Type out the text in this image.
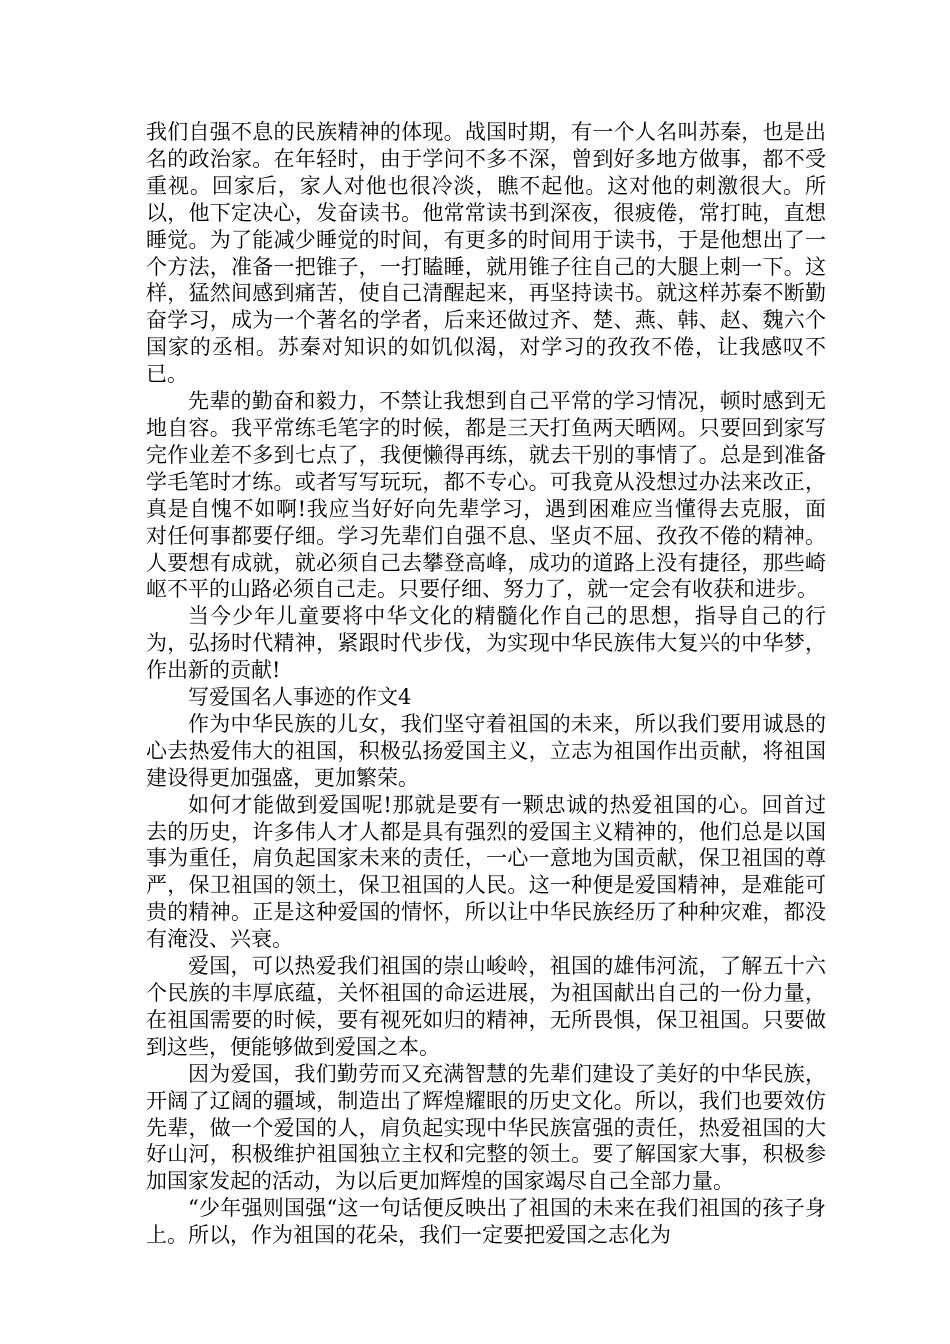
我们自强不息的民族精神的体现。战国时期，有一个人名叫苏秦，也是出名的政治家。在年轻时，由于学问不多不深，曾到好多地方做事，都不受重视。回家后，家人对他也很冷淡，瞧不起他。这对他的刺激很大。所以，他下定决心，发奋读书。他常常读书到深夜，很疲倦，常打盹，直想睡觉。为了能减少睡觉的时间，有更多的时间用于读书，于是他想出了一个方法，准备一把锥子，一打瞌睡，就用锥子往自己的大腿上刺一下。这样，猛然间感到痛苦，使自己清醒起来，再坚持读书。就这样苏秦不断勤奋学习，成为一个著名的学者，后来还做过齐、楚、燕、韩、赵、魏六个国家的丞相。苏秦对知识的如饥似渴，对学习的孜孜不倦，让我感叹不已。

先辈的勤奋和毅力，不禁让我想到自己平常的学习情况，顿时感到无地自容。我平常练毛笔字的时候，都是三天打鱼两天晒网。只要回到家写完作业差不多到七点了，我便懒得再练，就去干别的事情了。总是到准备学毛笔时才练。或者写写玩玩，都不专心。可我竟从没想过办法来改正，真是自愧不如啊!我应当好好向先辈学习，遇到困难应当懂得去克服，面对任何事都要仔细。学习先辈们自强不息、坚贞不屈、孜孜不倦的精神。人要想有成就，就必须自己去攀登高峰，成功的道路上没有捷径，那些崎岖不平的山路必须自己走。只要仔细、努力了，就一定会有收获和进步。

当今少年儿童要将中华文化的精髓化作自己的思想，指导自己的行为，弘扬时代精神，紧跟时代步伐，为实现中华民族伟大复兴的中华梦，作出新的贡献!

写爱国名人事迹的作文4

作为中华民族的儿女，我们坚守着祖国的未来，所以我们要用诚恳的心去热爱伟大的祖国，积极弘扬爱国主义，立志为祖国作出贡献，将祖国建设得更加强盛，更加繁荣。

如何才能做到爱国呢!那就是要有一颗忠诚的热爱祖国的心。回首过去的历史，许多伟人才人都是具有强烈的爱国主义精神的，他们总是以国事为重任，肩负起国家未来的责任，一心一意地为国贡献，保卫祖国的尊严，保卫祖国的领土，保卫祖国的人民。这一种便是爱国精神，是难能可贵的精神。正是这种爱国的情怀，所以让中华民族经历了种种灾难，都没有淹没、兴衰。

爱国，可以热爱我们祖国的崇山峻岭，祖国的雄伟河流，了解五十六个民族的丰厚底蕴，关怀祖国的命运进展，为祖国献出自己的一份力量，在祖国需要的时候，要有视死如归的精神，无所畏惧，保卫祖国。只要做到这些，便能够做到爱国之本。

因为爱国，我们勤劳而又充满智慧的先辈们建设了美好的中华民族，开阔了辽阔的疆域，制造出了辉煌耀眼的历史文化。所以，我们也要效仿先辈，做一个爱国的人，肩负起实现中华民族富强的责任，热爱祖国的大好山河，积极维护祖国独立主权和完整的领土。要了解国家大事，积极参加国家发起的活动，为以后更加辉煌的国家竭尽自己全部力量。

“少年强则国强“这一句话便反映出了祖国的未来在我们祖国的孩子身上。所以，作为祖国的花朵，我们一定要把爱国之志化为
